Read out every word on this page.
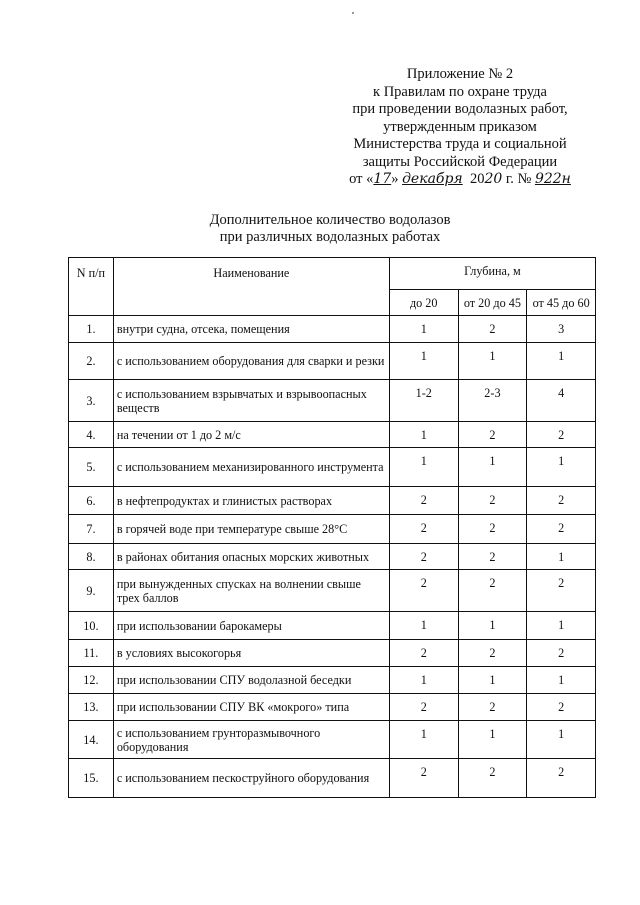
Приложение № 2
к Правилам по охране труда
при проведении водолазных работ,
утвержденным приказом
Министерства труда и социальной
защиты Российской Федерации
от «17» декабря 2020 г. № 922н
Дополнительное количество водолазов
при различных водолазных работах
N п/п	Наименование	Глубина, м		
		до 20	от 20 до 45	от 45 до 60
1.	внутри судна, отсека, помещения	1	2	3
2.	с использованием оборудования для сварки и резки	1	1	1
3.	с использованием взрывчатых и взрывоопасных веществ	1-2	2-3	4
4.	на течении от 1 до 2 м/с	1	2	2
5.	с использованием механизированного инструмента	1	1	1
6.	в нефтепродуктах и глинистых растворах	2	2	2
7.	в горячей воде при температуре свыше 28°С	2	2	2
8.	в районах обитания опасных морских животных	2	2	1
9.	при вынужденных спусках на волнении свыше трех баллов	2	2	2
10.	при использовании барокамеры	1	1	1
11.	в условиях высокогорья	2	2	2
12.	при использовании СПУ водолазной беседки	1	1	1
13.	при использовании СПУ ВК «мокрого» типа	2	2	2
14.	с использованием грунторазмывочного оборудования	1	1	1
15.	с использованием пескоструйного оборудования	2	2	2
